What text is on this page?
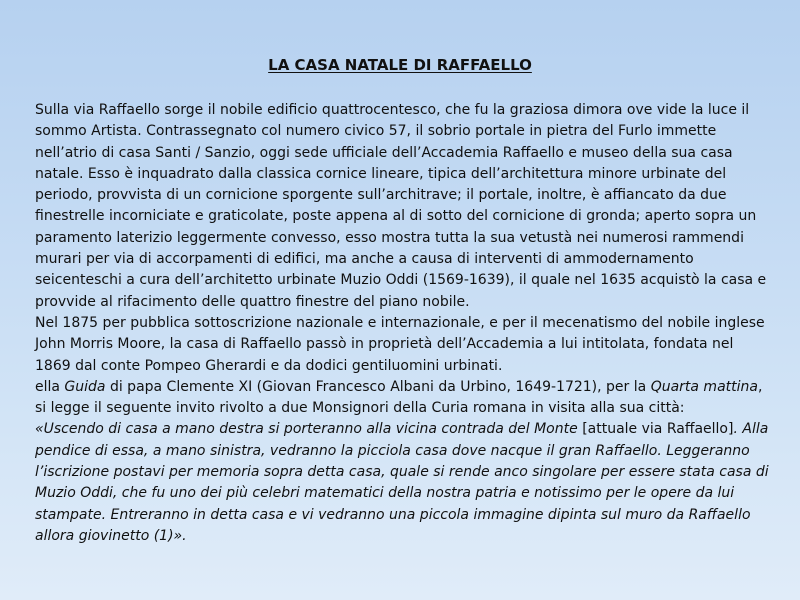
LA CASA NATALE DI RAFFAELLO

Sulla via Raffaello sorge il nobile edificio quattrocentesco, che fu la graziosa dimora ove vide la luce il sommo Artista. Contrassegnato col numero civico 57, il sobrio portale in pietra del Furlo immette nell’atrio di casa Santi / Sanzio, oggi sede ufficiale dell’Accademia Raffaello e museo della sua casa natale. Esso è inquadrato dalla classica cornice lineare, tipica dell’architettura minore urbinate del periodo, provvista di un cornicione sporgente sull’architrave; il portale, inoltre, è affiancato da due finestrelle incorniciate e graticolate, poste appena al di sotto del cornicione di gronda; aperto sopra un paramento laterizio leggermente convesso, esso mostra tutta la sua vetustà nei numerosi rammendi murari per via di accorpamenti di edifici, ma anche a causa di interventi di ammodernamento seicenteschi a cura dell’architetto urbinate Muzio Oddi (1569-1639), il quale nel 1635 acquistò la casa e provvide al rifacimento delle quattro finestre del piano nobile.

Nel 1875 per pubblica sottoscrizione nazionale e internazionale, e per il mecenatismo del nobile inglese John Morris Moore, la casa di Raffaello passò in proprietà dell’Accademia a lui intitolata, fondata nel 1869 dal conte Pompeo Gherardi e da dodici gentiluomini urbinati.

ella Guida di papa Clemente XI (Giovan Francesco Albani da Urbino, 1649-1721), per la Quarta mattina, si legge il seguente invito rivolto a due Monsignori della Curia romana in visita alla sua città:

«Uscendo di casa a mano destra si porteranno alla vicina contrada del Monte [attuale via Raffaello]. Alla pendice di essa, a mano sinistra, vedranno la picciola casa dove nacque il gran Raffaello. Leggeranno l’iscrizione postavi per memoria sopra detta casa, quale si rende anco singolare per essere stata casa di Muzio Oddi, che fu uno dei più celebri matematici della nostra patria e notissimo per le opere da lui stampate. Entreranno in detta casa e vi vedranno una piccola immagine dipinta sul muro da Raffaello allora giovinetto (1)».
